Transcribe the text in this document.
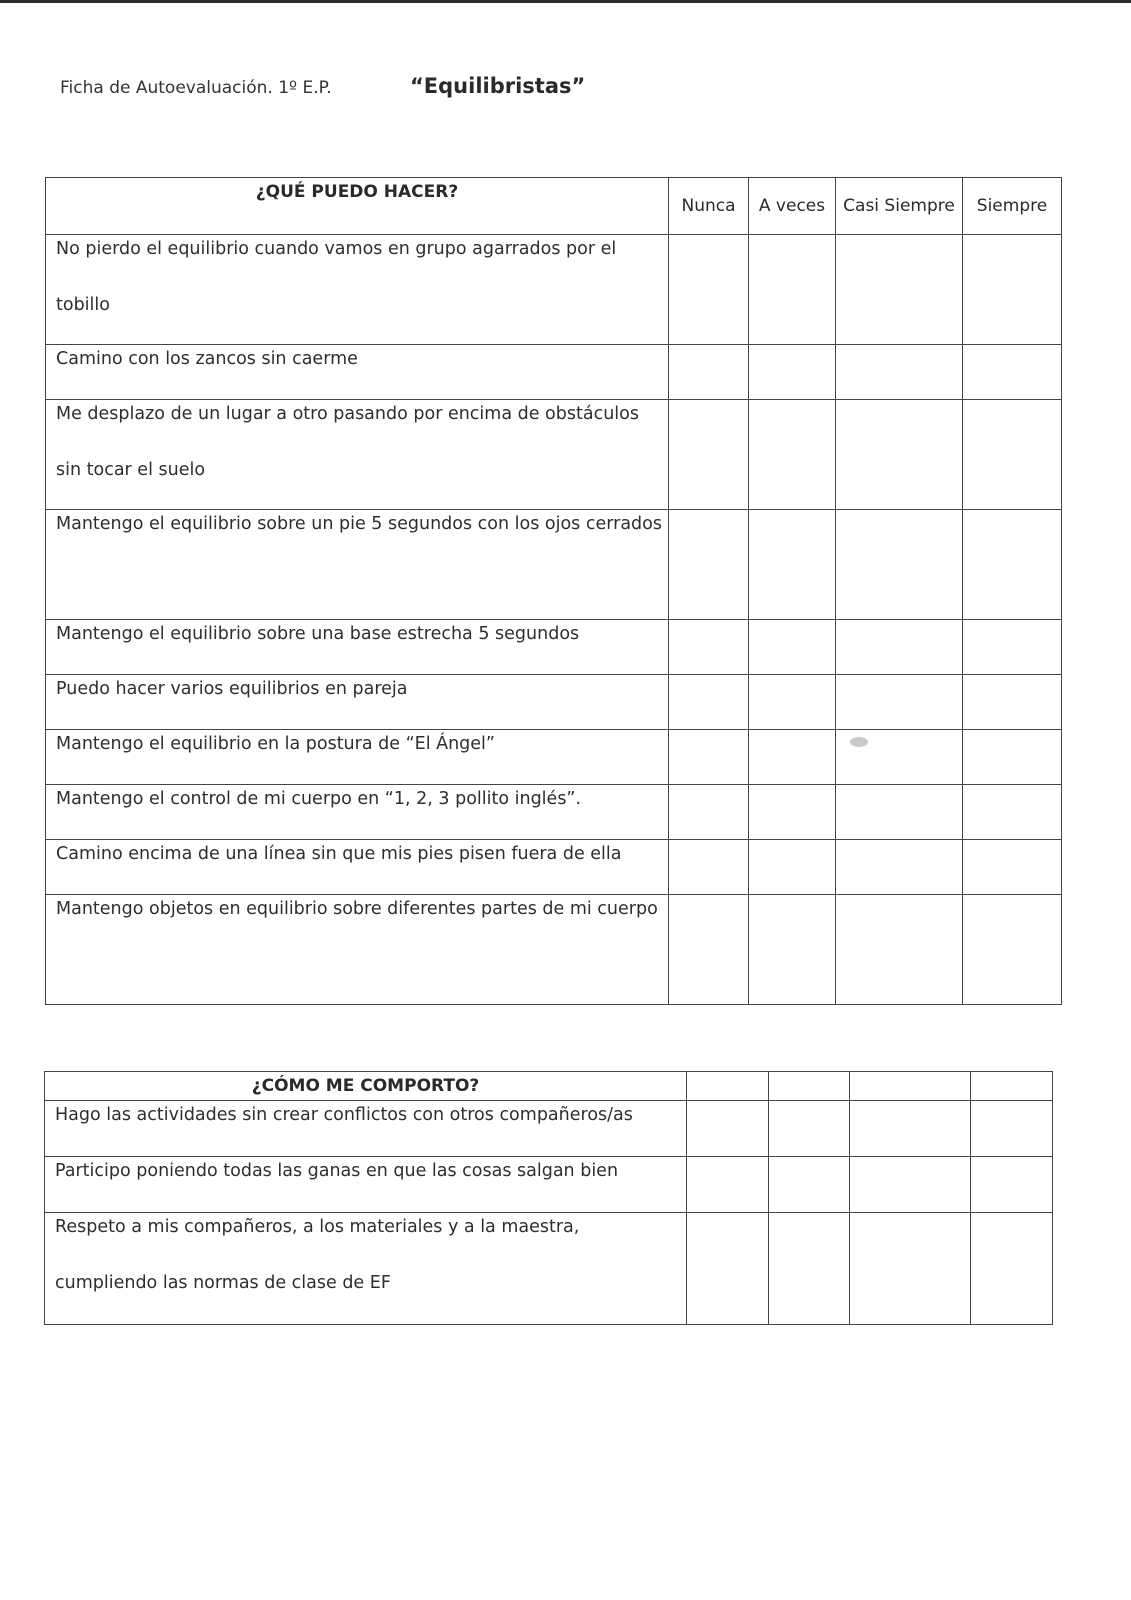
Ficha de Autoevaluación. 1º E.P.	“Equilibristas”
¿QUÉ PUEDO HACER?	Nunca	A veces	Casi Siempre	Siempre

No pierdo el equilibrio cuando vamos en grupo agarrados por el tobillo				

Camino con los zancos sin caerme				

Me desplazo de un lugar a otro pasando por encima de obstáculos sin tocar el suelo				

Mantengo el equilibrio sobre un pie 5 segundos con los ojos cerrados				

Mantengo el equilibrio sobre una base estrecha 5 segundos				

Puedo hacer varios equilibrios en pareja				

Mantengo el equilibrio en la postura de “El Ángel”				

Mantengo el control de mi cuerpo en “1, 2, 3 pollito inglés”.				

Camino encima de una línea sin que mis pies pisen fuera de ella				

Mantengo objetos en equilibrio sobre diferentes partes de mi cuerpo				

¿CÓMO ME COMPORTO?				

Hago las actividades sin crear conflictos con otros compañeros/as				

Participo poniendo todas las ganas en que las cosas salgan bien				

Respeto a mis compañeros, a los materiales y a la maestra, cumpliendo las normas de clase de EF				
